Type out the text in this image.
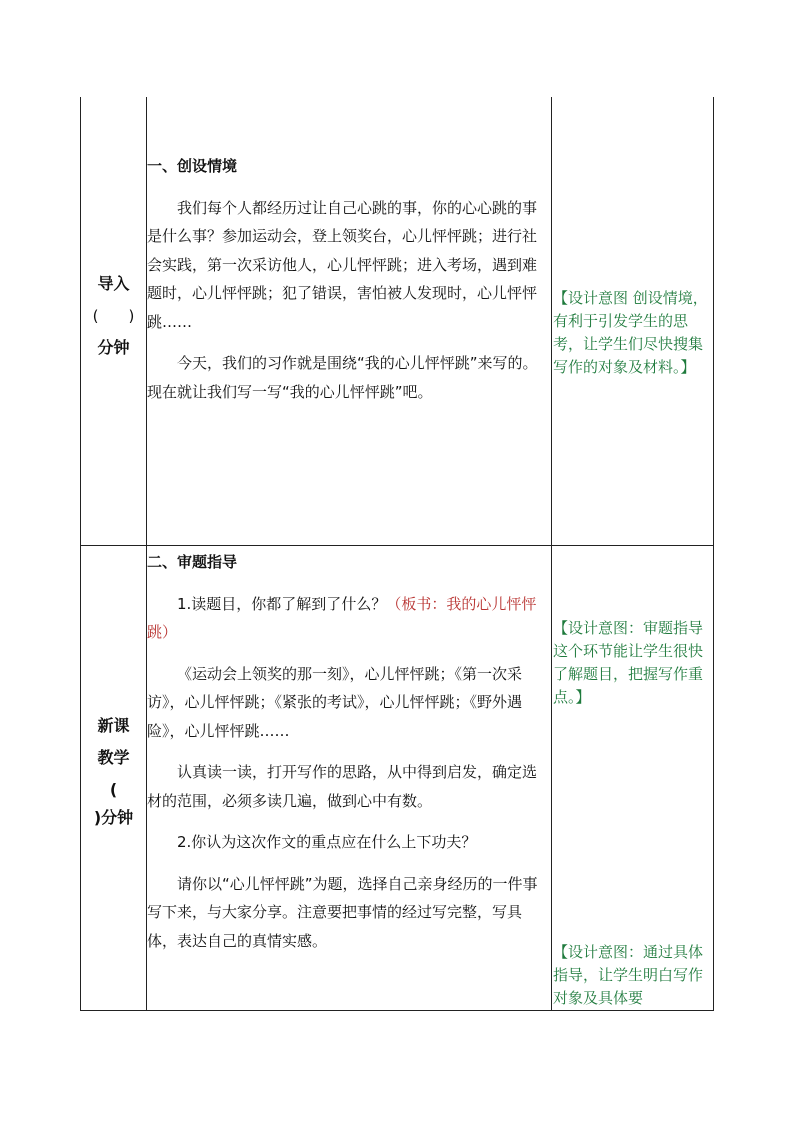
导入
(　　)
分钟
一、创设情境
我们每个人都经历过让自己心跳的事，你的心心跳的事是什么事？参加运动会，登上领奖台，心儿怦怦跳；进行社会实践，第一次采访他人，心儿怦怦跳；进入考场，遇到难题时，心儿怦怦跳；犯了错误，害怕被人发现时，心儿怦怦跳……
今天，我们的习作就是围绕“我的心儿怦怦跳”来写的。现在就让我们写一写“我的心儿怦怦跳”吧。
【设计意图 创设情境，有利于引发学生的思考，让学生们尽快搜集写作的对象及材料。】
新课
教学
(
)分钟
二、审题指导
1.读题目，你都了解到了什么？（板书：我的心儿怦怦跳）
《运动会上领奖的那一刻》，心儿怦怦跳；《第一次采访》，心儿怦怦跳；《紧张的考试》，心儿怦怦跳；《野外遇险》，心儿怦怦跳……
认真读一读，打开写作的思路，从中得到启发，确定选材的范围，必须多读几遍，做到心中有数。
2.你认为这次作文的重点应在什么上下功夫？
请你以“心儿怦怦跳”为题，选择自己亲身经历的一件事写下来，与大家分享。注意要把事情的经过写完整，写具体，表达自己的真情实感。
【设计意图：审题指导这个环节能让学生很快了解题目，把握写作重点。】
【设计意图：通过具体指导，让学生明白写作对象及具体要
